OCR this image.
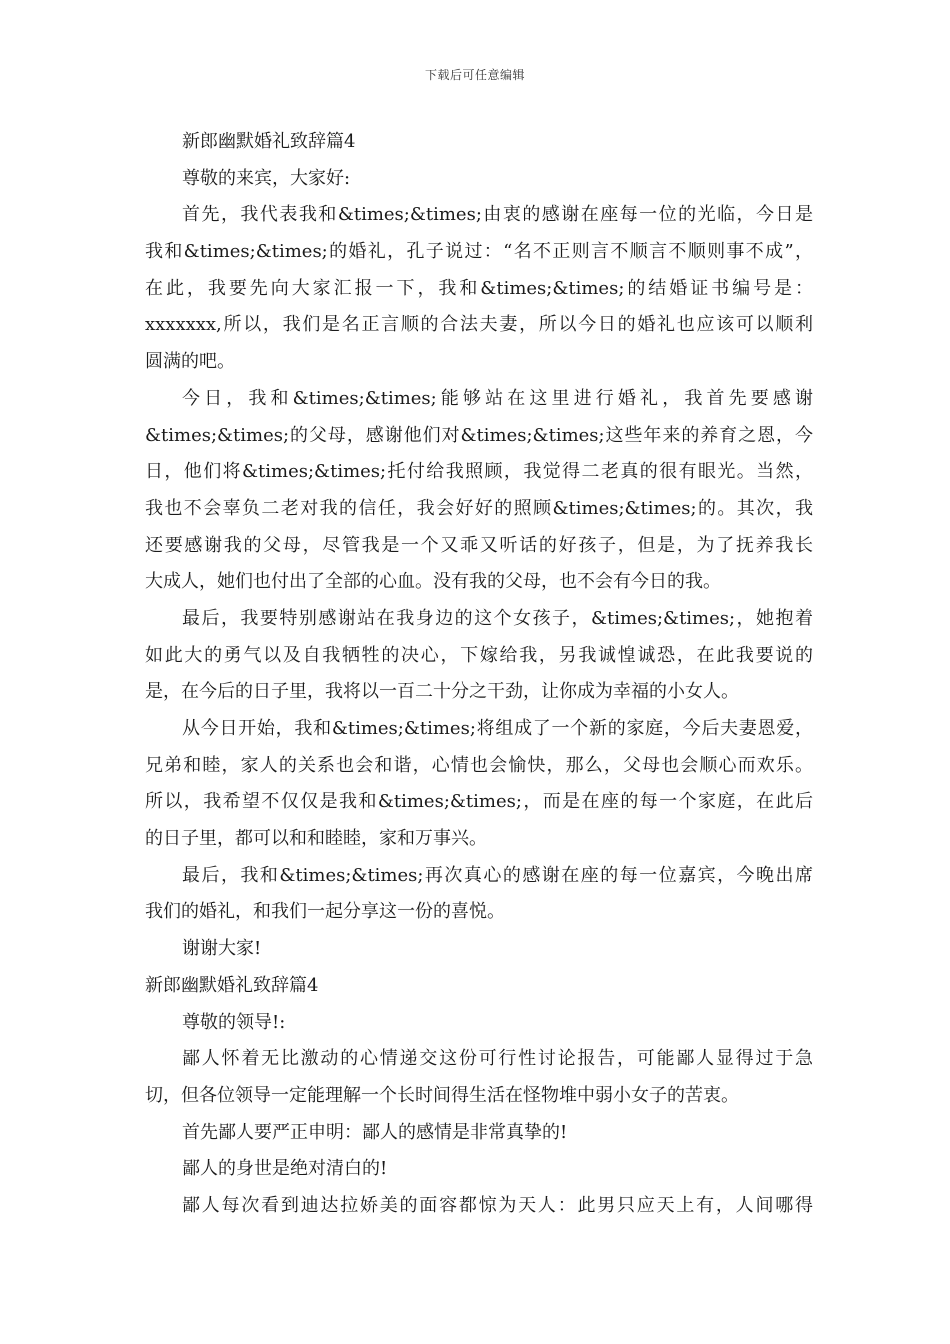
下载后可任意编辑
新郎幽默婚礼致辞篇4
尊敬的来宾，大家好:
首先，我代表我和&times;&times;由衷的感谢在座每一位的光临，今日是
我和&times;&times;的婚礼，孔子说过：“名不正则言不顺言不顺则事不成”，
在此，我要先向大家汇报一下，我和&times;&times;的结婚证书编号是：
xxxxxxx,所以，我们是名正言顺的合法夫妻，所以今日的婚礼也应该可以顺利
圆满的吧。
今日，我和&times;&times;能够站在这里进行婚礼，我首先要感谢
&times;&times;的父母，感谢他们对&times;&times;这些年来的养育之恩，今
日，他们将&times;&times;托付给我照顾，我觉得二老真的很有眼光。当然，
我也不会辜负二老对我的信任，我会好好的照顾&times;&times;的。其次，我
还要感谢我的父母，尽管我是一个又乖又听话的好孩子，但是，为了抚养我长
大成人，她们也付出了全部的心血。没有我的父母，也不会有今日的我。
最后，我要特别感谢站在我身边的这个女孩子，&times;&times;，她抱着
如此大的勇气以及自我牺牲的决心，下嫁给我，另我诚惶诚恐，在此我要说的
是，在今后的日子里，我将以一百二十分之干劲，让你成为幸福的小女人。
从今日开始，我和&times;&times;将组成了一个新的家庭，今后夫妻恩爱，
兄弟和睦，家人的关系也会和谐，心情也会愉快，那么，父母也会顺心而欢乐。
所以，我希望不仅仅是我和&times;&times;，而是在座的每一个家庭，在此后
的日子里，都可以和和睦睦，家和万事兴。
最后，我和&times;&times;再次真心的感谢在座的每一位嘉宾，今晚出席
我们的婚礼，和我们一起分享这一份的喜悦。
谢谢大家!
新郎幽默婚礼致辞篇4
尊敬的领导!:
鄙人怀着无比激动的心情递交这份可行性讨论报告，可能鄙人显得过于急
切，但各位领导一定能理解一个长时间得生活在怪物堆中弱小女子的苦衷。
首先鄙人要严正申明：鄙人的感情是非常真挚的!
鄙人的身世是绝对清白的!
鄙人每次看到迪达拉娇美的面容都惊为天人：此男只应天上有，人间哪得
